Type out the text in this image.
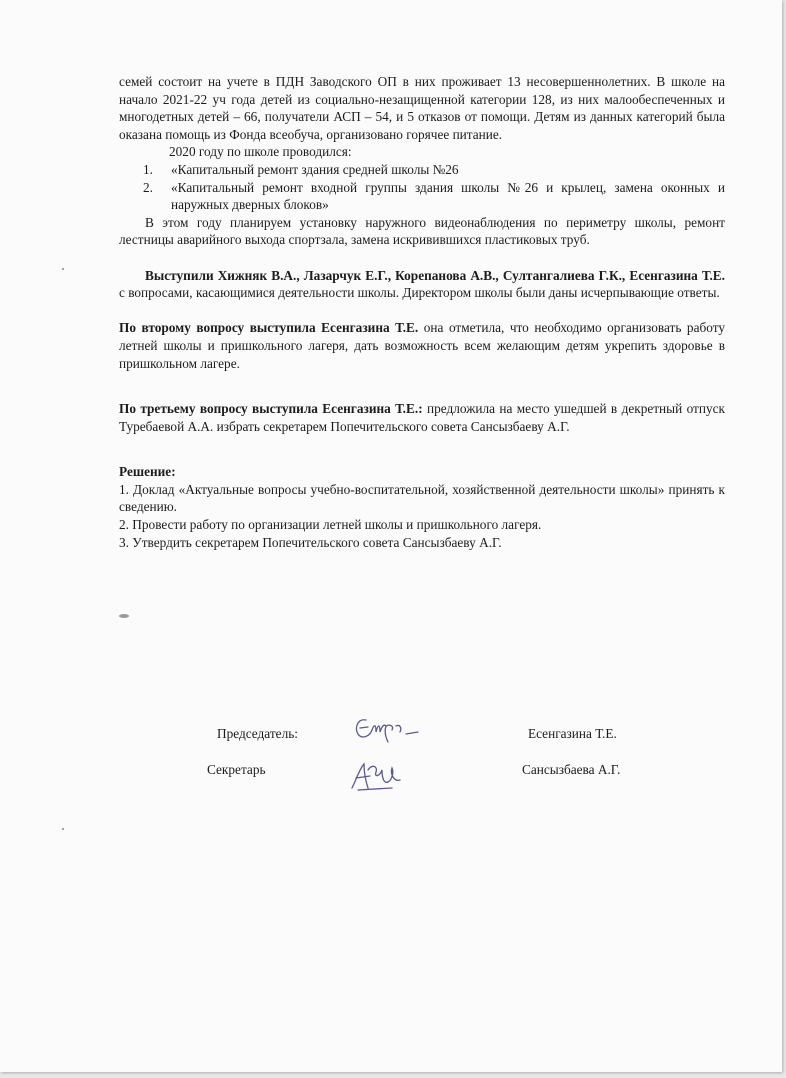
семей состоит на учете в ПДН Заводского ОП в них проживает 13 несовершеннолетних. В школе на начало 2021-22 уч года детей из социально-незащищенной категории 128, из них малообеспеченных и многодетных детей – 66, получатели АСП – 54, и 5 отказов от помощи. Детям из данных категорий была оказана помощь из Фонда всеобуча, организовано горячее питание.

2020 году по школе проводился:

1. «Капитальный ремонт здания средней школы №26
2. «Капитальный ремонт входной группы здания школы №26 и крылец, замена оконных и наружных дверных блоков»

В этом году планируем установку наружного видеонаблюдения по периметру школы, ремонт лестницы аварийного выхода спортзала, замена искривившихся пластиковых труб.

Выступили Хижняк В.А., Лазарчук Е.Г., Корепанова А.В., Султангалиева Г.К., Есенгазина Т.Е. с вопросами, касающимися деятельности школы. Директором школы были даны исчерпывающие ответы.

По второму вопросу выступила Есенгазина Т.Е. она отметила, что необходимо организовать работу летней школы и пришкольного лагеря, дать возможность всем желающим детям укрепить здоровье в пришкольном лагере.

По третьему вопросу выступила Есенгазина Т.Е.: предложила на место ушедшей в декретный отпуск Туребаевой А.А. избрать секретарем Попечительского совета Сансызбаеву А.Г.

Решение:

1. Доклад «Актуальные вопросы учебно-воспитательной, хозяйственной деятельности школы» принять к сведению.

2. Провести работу по организации летней школы и пришкольного лагеря.

3. Утвердить секретарем Попечительского совета Сансызбаеву А.Г.

Председатель:	Есенгазина Т.Е.
Секретарь	Сансызбаева А.Г.
